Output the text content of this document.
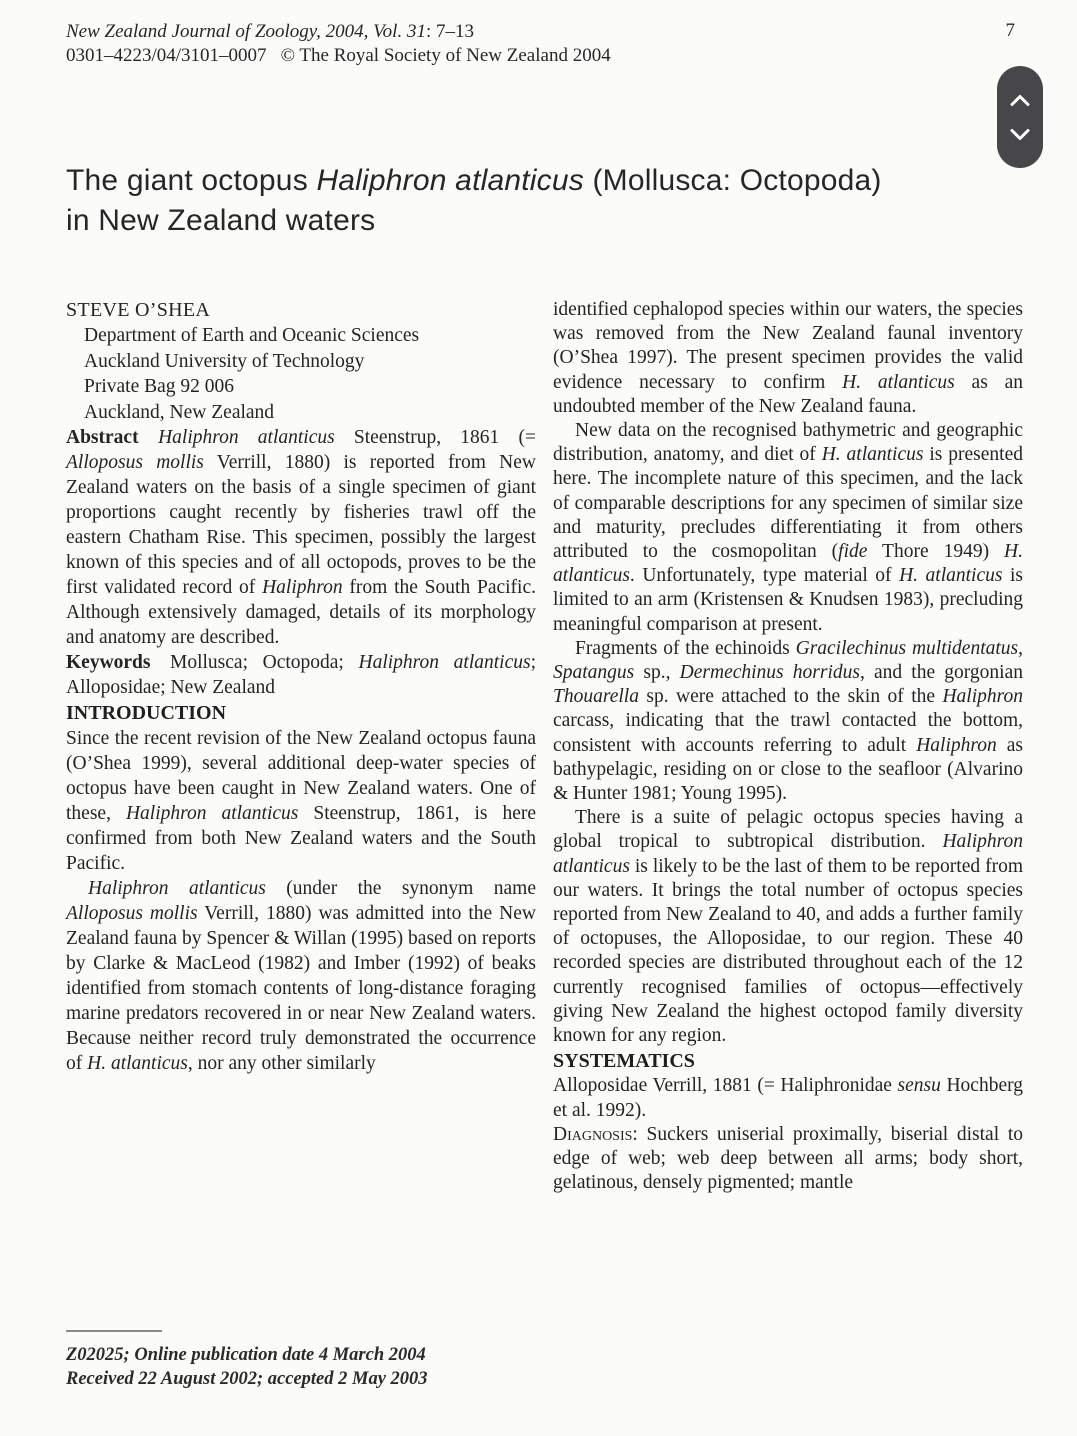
New Zealand Journal of Zoology, 2004, Vol. 31: 7–13
0301–4223/04/3101–0007 © The Royal Society of New Zealand 2004
7
The giant octopus Haliphron atlanticus (Mollusca: Octopoda)
in New Zealand waters
STEVE O’SHEA
Department of Earth and Oceanic Sciences
Auckland University of Technology
Private Bag 92 006
Auckland, New Zealand

Abstract   Haliphron atlanticus Steenstrup, 1861 (= Alloposus mollis Verrill, 1880) is reported from New Zealand waters on the basis of a single specimen of giant proportions caught recently by fisheries trawl off the eastern Chatham Rise. This specimen, possibly the largest known of this species and of all octopods, proves to be the first validated record of Haliphron from the South Pacific. Although extensively damaged, details of its morphology and anatomy are described.

Keywords  Mollusca; Octopoda; Haliphron atlanticus; Alloposidae; New Zealand

INTRODUCTION

Since the recent revision of the New Zealand octopus fauna (O’Shea 1999), several additional deep-water species of octopus have been caught in New Zealand waters. One of these, Haliphron atlanticus Steenstrup, 1861, is here confirmed from both New Zealand waters and the South Pacific.

Haliphron atlanticus (under the synonym name Alloposus mollis Verrill, 1880) was admitted into the New Zealand fauna by Spencer & Willan (1995) based on reports by Clarke & MacLeod (1982) and Imber (1992) of beaks identified from stomach contents of long-distance foraging marine predators recovered in or near New Zealand waters. Because neither record truly demonstrated the occurrence of H. atlanticus, nor any other similarly

identified cephalopod species within our waters, the species was removed from the New Zealand faunal inventory (O’Shea 1997). The present specimen provides the valid evidence necessary to confirm H. atlanticus as an undoubted member of the New Zealand fauna.

New data on the recognised bathymetric and geographic distribution, anatomy, and diet of H. atlanticus is presented here. The incomplete nature of this specimen, and the lack of comparable descriptions for any specimen of similar size and maturity, precludes differentiating it from others attributed to the cosmopolitan (fide Thore 1949) H. atlanticus. Unfortunately, type material of H. atlanticus is limited to an arm (Kristensen & Knudsen 1983), precluding meaningful comparison at present.

Fragments of the echinoids Gracilechinus multidentatus, Spatangus sp., Dermechinus horridus, and the gorgonian Thouarella sp. were attached to the skin of the Haliphron carcass, indicating that the trawl contacted the bottom, consistent with accounts referring to adult Haliphron as bathypelagic, residing on or close to the seafloor (Alvarino & Hunter 1981; Young 1995).

There is a suite of pelagic octopus species having a global tropical to subtropical distribution. Haliphron atlanticus is likely to be the last of them to be reported from our waters. It brings the total number of octopus species reported from New Zealand to 40, and adds a further family of octopuses, the Alloposidae, to our region. These 40 recorded species are distributed throughout each of the 12 currently recognised families of octopus—effectively giving New Zealand the highest octopod family diversity known for any region.

SYSTEMATICS

Alloposidae Verrill, 1881 (= Haliphronidae sensu Hochberg et al. 1992).

Diagnosis: Suckers uniserial proximally, biserial distal to edge of web; web deep between all arms; body short, gelatinous, densely pigmented; mantle

Z02025; Online publication date 4 March 2004
Received 22 August 2002; accepted 2 May 2003
